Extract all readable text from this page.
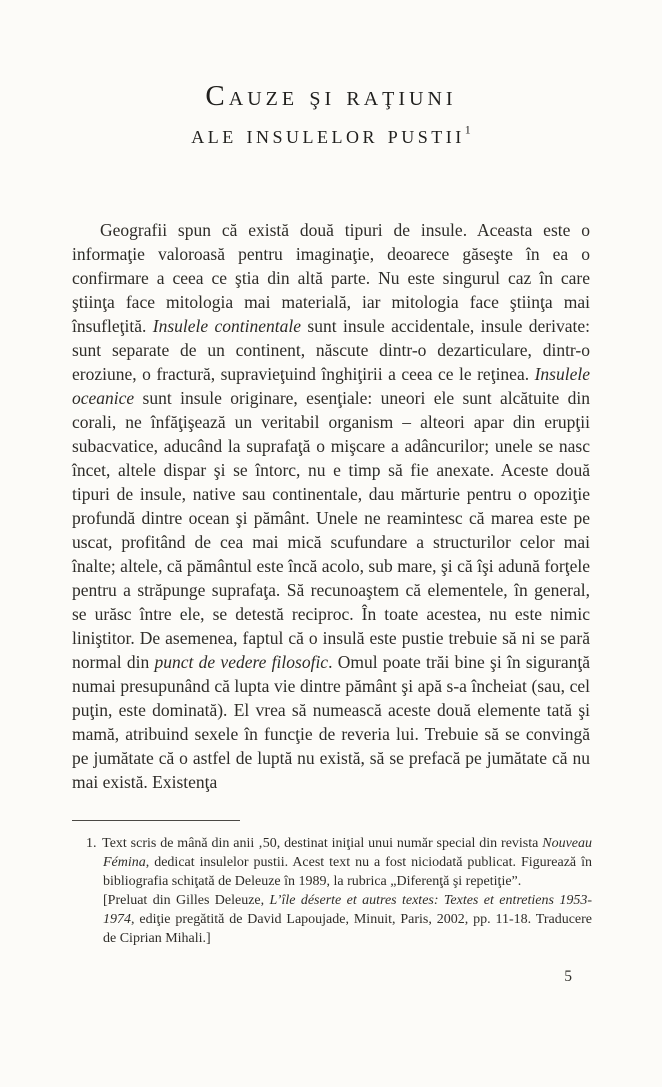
Cauze şi raţiuni
ale insulelor pustii$^1$

Geografii spun că există două tipuri de insule. Aceasta este o informaţie valoroasă pentru imaginaţie, deoarece găseşte în ea o confirmare a ceea ce ştia din altă parte. Nu este singurul caz în care ştiinţa face mitologia mai materială, iar mitologia face ştiinţa mai însufleţită. Insulele continentale sunt insule accidentale, insule derivate: sunt separate de un continent, născute dintr-o dezarticulare, dintr-o eroziune, o fractură, supravieţuind înghiţirii a ceea ce le reţinea. Insulele oceanice sunt insule originare, esenţiale: uneori ele sunt alcătuite din corali, ne înfăţişează un veritabil organism – alteori apar din erupţii subacvatice, aducând la suprafaţă o mişcare a adâncurilor; unele se nasc încet, altele dispar şi se întorc, nu e timp să fie anexate. Aceste două tipuri de insule, native sau continentale, dau mărturie pentru o opoziţie profundă dintre ocean şi pământ. Unele ne reamintesc că marea este pe uscat, profitând de cea mai mică scufundare a structurilor celor mai înalte; altele, că pământul este încă acolo, sub mare, şi că îşi adună forţele pentru a străpunge suprafaţa. Să recunoaştem că elementele, în general, se urăsc între ele, se detestă reciproc. În toate acestea, nu este nimic liniştitor. De asemenea, faptul că o insulă este pustie trebuie să ni se pară normal din punct de vedere filosofic. Omul poate trăi bine şi în siguranţă numai presupunând că lupta vie dintre pământ şi apă s-a încheiat (sau, cel puţin, este dominată). El vrea să numească aceste două elemente tată şi mamă, atribuind sexele în funcţie de reveria lui. Trebuie să se convingă pe jumătate că o astfel de luptă nu există, să se prefacă pe jumătate că nu mai există. Existenţa

1. Text scris de mână din anii ‚50, destinat iniţial unui număr special din revista Nouveau Fémina, dedicat insulelor pustii. Acest text nu a fost niciodată publicat. Figurează în bibliografia schiţată de Deleuze în 1989, la rubrica „Diferenţă şi repetiţie”.

[Preluat din Gilles Deleuze, L’île déserte et autres textes: Textes et entretiens 1953-1974, ediţie pregătită de David Lapoujade, Minuit, Paris, 2002, pp. 11-18. Traducere de Ciprian Mihali.]

5
